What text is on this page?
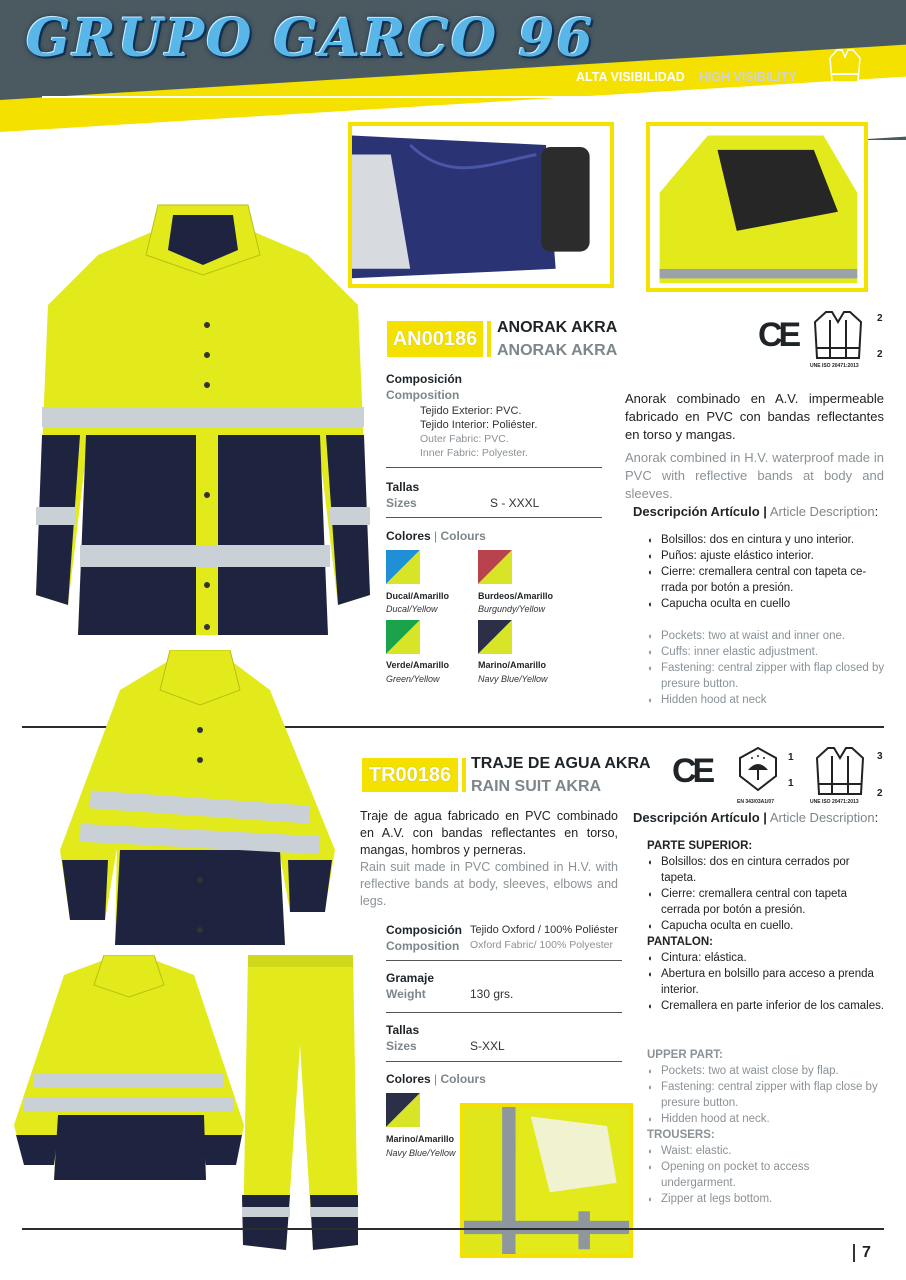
GRUPO GARCO 96
ALTA VISIBILIDAD // HIGH VISIBILITY
AN00186	ANORAK AKRA
ANORAK AKRA	CE	2
2
UNE ISO 20471:2013
Composición
Composition
Tejido Exterior: PVC.
Tejido Interior: Poliéster.
Outer Fabric: PVC.
Inner Fabric: Polyester.
Tallas
Sizes	S - XXXL
Colores | Colours
Ducal/Amarillo
Ducal/Yellow
Burdeos/Amarillo
Burgundy/Yellow
Verde/Amarillo
Green/Yellow
Marino/Amarillo
Navy Blue/Yellow
Anorak combinado en A.V. impermeable fabricado en PVC con bandas reflectantes en torso y mangas.
Anorak combined in H.V. waterproof made in PVC with reflective bands at body and sleeves.
Descripción Artículo | Article Description:
◖ Bolsillos: dos en cintura y uno interior.
◖ Puños: ajuste elástico interior.
◖ Cierre: cremallera central con tapeta ce-rrada por botón a presión.
◖ Capucha oculta en cuello
◖ Pockets: two at waist and inner one.
◖ Cuffs: inner elastic adjustment.
◖ Fastening: central zipper with flap closed by presure button.
◖ Hidden hood at neck
TR00186	TRAJE DE AGUA AKRA
RAIN SUIT AKRA CE	1
1
EN 343/03A1/07
3
2
UNE ISO 20471:2013
Traje de agua fabricado en PVC combinado en A.V. con bandas reflectantes en torso, mangas, hombros y perneras.
Rain suit made in PVC combined in H.V. with reflective bands at body, sleeves, elbows and legs.
Composición
Composition
Tejido Oxford / 100% Poliéster
Oxford Fabric/ 100% Polyester
Gramaje
Weight	130 grs.
Tallas
Sizes	S-XXL
Colores | Colours
Marino/Amarillo
Navy Blue/Yellow
Descripción Artículo | Article Description:
PARTE SUPERIOR:
◖ Bolsillos: dos en cintura cerrados por tapeta.
◖ Cierre: cremallera central con tapeta cerrada por botón a presión.
◖ Capucha oculta en cuello.
PANTALON:
◖ Cintura: elástica.
◖ Abertura en bolsillo para acceso a prenda interior.
◖ Cremallera en parte inferior de los camales.
UPPER PART:
◖ Pockets: two at waist close by flap.
◖ Fastening: central zipper with flap close by presure button.
◖ Hidden hood at neck.
TROUSERS:
◖ Waist: elastic.
◖ Opening on pocket to access undergarment.
◖ Zipper at legs bottom.
7
